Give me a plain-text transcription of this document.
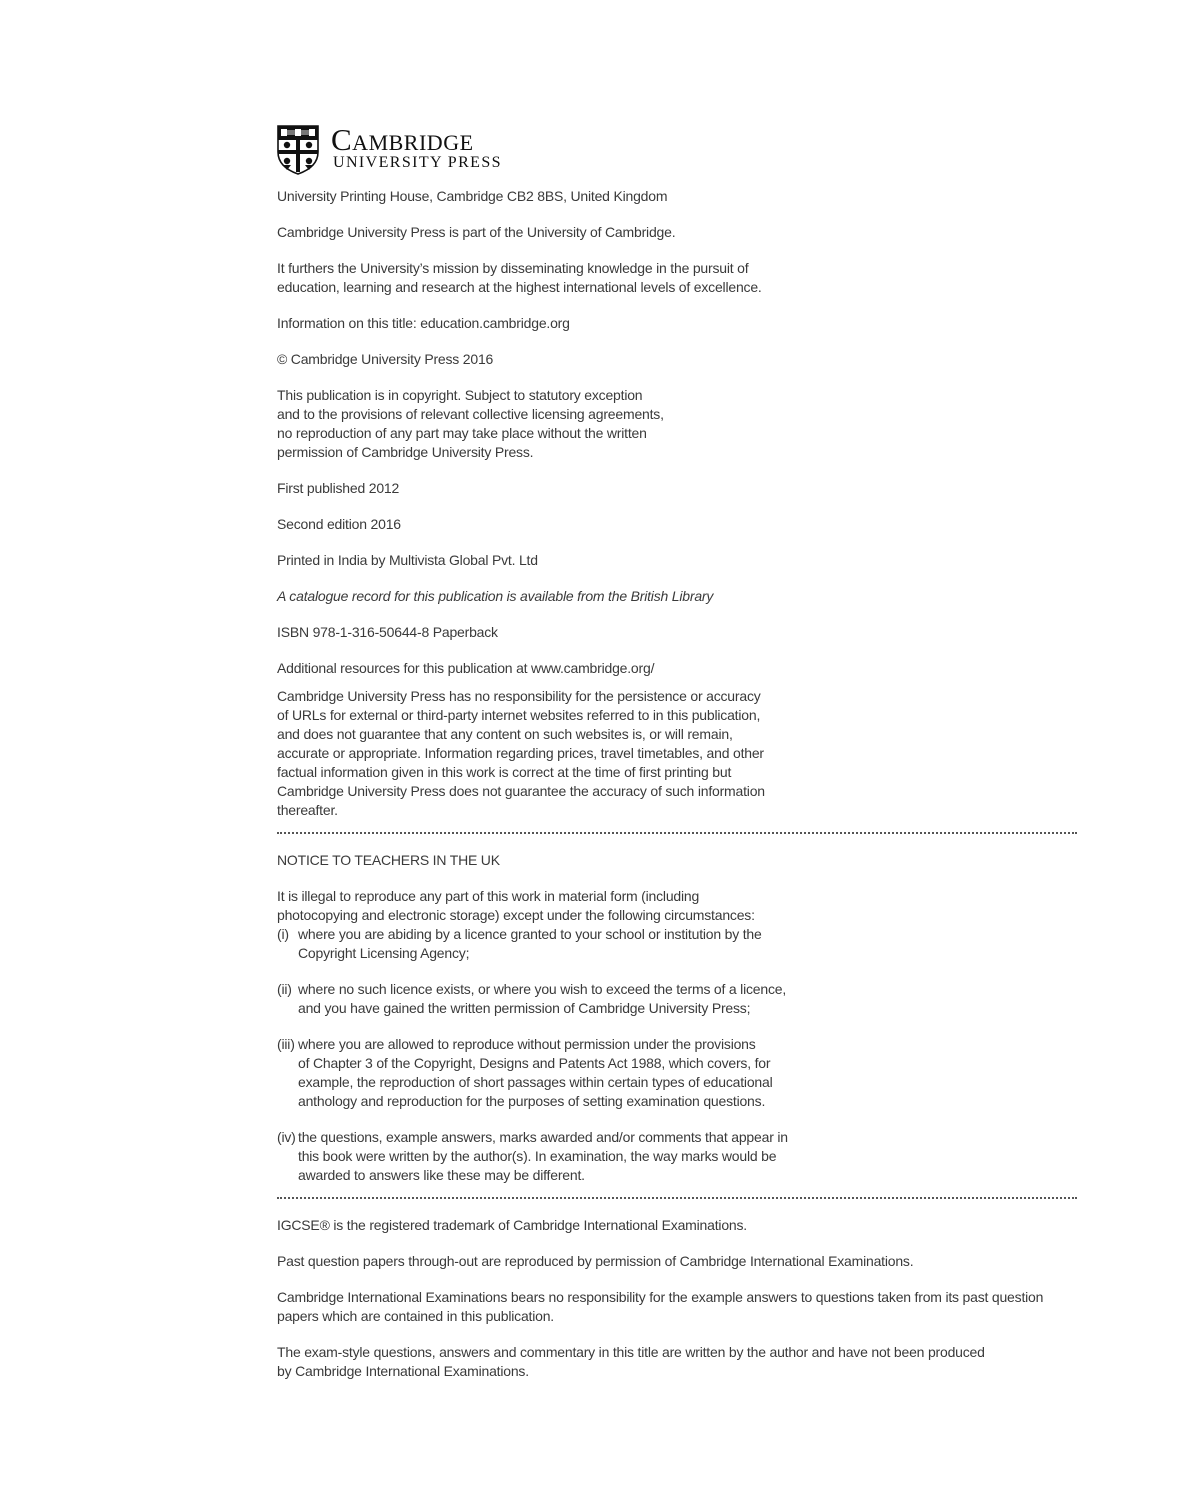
Cambridge
UNIVERSITY PRESS

University Printing House, Cambridge CB2 8BS, United Kingdom

Cambridge University Press is part of the University of Cambridge.

It furthers the University’s mission by disseminating knowledge in the pursuit of

education, learning and research at the highest international levels of excellence.

Information on this title: education.cambridge.org

© Cambridge University Press 2016

This publication is in copyright. Subject to statutory exception

and to the provisions of relevant collective licensing agreements,

no reproduction of any part may take place without the written

permission of Cambridge University Press.

First published 2012

Second edition 2016

Printed in India by Multivista Global Pvt. Ltd

A catalogue record for this publication is available from the British Library

ISBN 978-1-316-50644-8 Paperback

Additional resources for this publication at www.cambridge.org/

Cambridge University Press has no responsibility for the persistence or accuracy

of URLs for external or third-party internet websites referred to in this publication,

and does not guarantee that any content on such websites is, or will remain,

accurate or appropriate. Information regarding prices, travel timetables, and other

factual information given in this work is correct at the time of first printing but

Cambridge University Press does not guarantee the accuracy of such information

thereafter.

NOTICE TO TEACHERS IN THE UK

It is illegal to reproduce any part of this work in material form (including

photocopying and electronic storage) except under the following circumstances:

(i) where you are abiding by a licence granted to your school or institution by the

Copyright Licensing Agency;

(ii) where no such licence exists, or where you wish to exceed the terms of a licence,

and you have gained the written permission of Cambridge University Press;

(iii) where you are allowed to reproduce without permission under the provisions

of Chapter 3 of the Copyright, Designs and Patents Act 1988, which covers, for

example, the reproduction of short passages within certain types of educational

anthology and reproduction for the purposes of setting examination questions.

(iv) the questions, example answers, marks awarded and/or comments that appear in

this book were written by the author(s). In examination, the way marks would be

awarded to answers like these may be different.

IGCSE® is the registered trademark of Cambridge International Examinations.

Past question papers through-out are reproduced by permission of Cambridge International Examinations.

Cambridge International Examinations bears no responsibility for the example answers to questions taken from its past question

papers which are contained in this publication.

The exam-style questions, answers and commentary in this title are written by the author and have not been produced

by Cambridge International Examinations.
